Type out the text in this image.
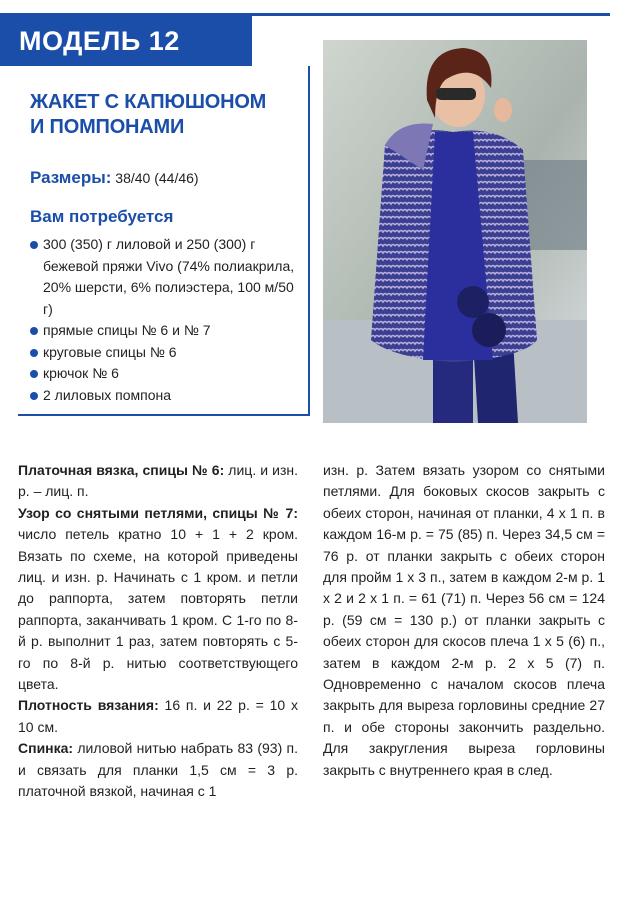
МОДЕЛЬ 12
ЖАКЕТ С КАПЮШОНОМ
И ПОМПОНАМИ
Размеры: 38/40 (44/46)
Вам потребуется
300 (350) г лиловой и 250 (300) г бежевой пряжи Vivo (74% полиакрила, 20% шерсти, 6% полиэстера, 100 м/50 г)
прямые спицы № 6 и № 7
круговые спицы № 6
крючок № 6
2 лиловых помпона

Платочная вязка, спицы № 6: лиц. и изн. р. – лиц. п.

Узор со снятыми петлями, спицы № 7: число петель кратно 10 + 1 + 2 кром. Вязать по схеме, на которой приведены лиц. и изн. р. Начинать с 1 кром. и петли до раппорта, затем повторять петли раппорта, заканчивать 1 кром. С 1-го по 8-й р. выполнит 1 раз, затем повторять с 5-го по 8-й р. нитью соответствующего цвета.

Плотность вязания: 16 п. и 22 р. = 10 х 10 см.

Спинка: лиловой нитью набрать 83 (93) п. и связать для планки 1,5 см = 3 р. платочной вязкой, начиная с 1

изн. р. Затем вязать узором со снятыми петлями. Для боковых скосов закрыть с обеих сторон, начиная от планки, 4 х 1 п. в каждом 16-м р. = 75 (85) п. Через 34,5 см = 76 р. от планки закрыть с обеих сторон для пройм 1 х 3 п., затем в каждом 2-м р. 1 х 2 и 2 х 1 п. = 61 (71) п. Через 56 см = 124 р. (59 см = 130 р.) от планки закрыть с обеих сторон для скосов плеча 1 х 5 (6) п., затем в каждом 2-м р. 2 х 5 (7) п. Одновременно с началом скосов плеча закрыть для выреза горловины средние 27 п. и обе стороны закончить раздельно. Для закругления выреза горловины закрыть с внутреннего края в след.
